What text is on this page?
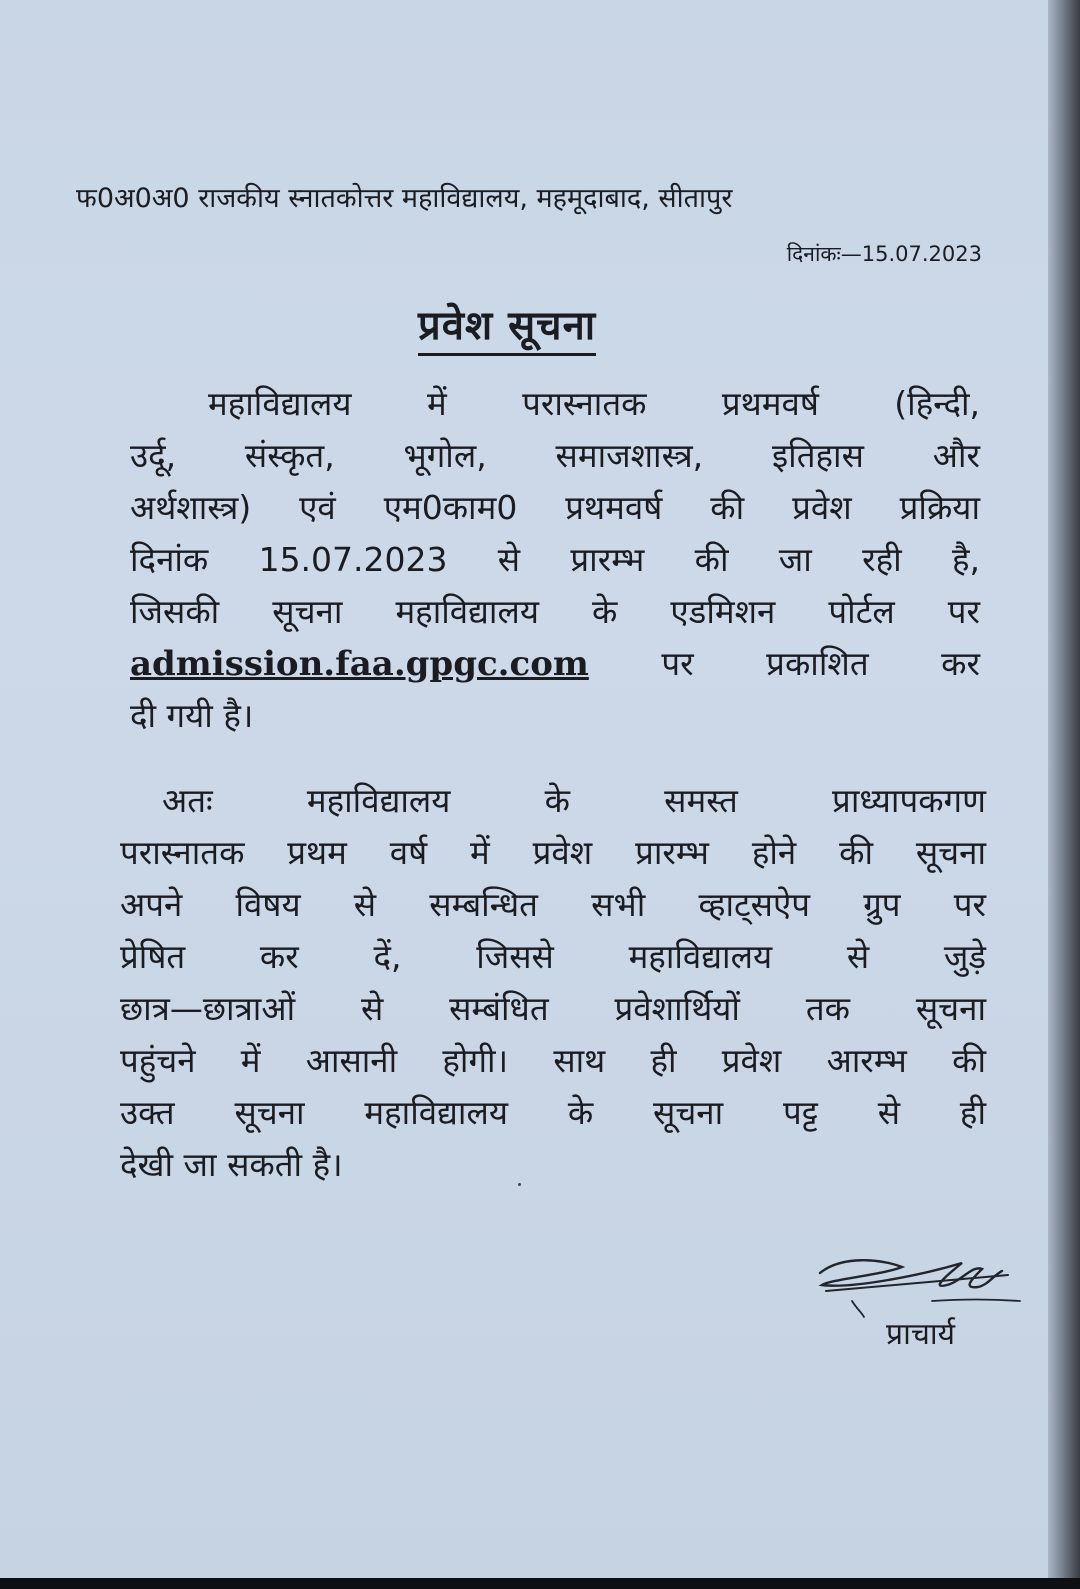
फ0अ0अ0 राजकीय स्नातकोत्तर महाविद्यालय, महमूदाबाद, सीतापुर
दिनांकः—15.07.2023
प्रवेश सूचना
महाविद्यालय में परास्नातक प्रथमवर्ष (हिन्दी,
उर्दू, संस्कृत, भूगोल, समाजशास्त्र, इतिहास और
अर्थशास्त्र) एवं एम0काम0 प्रथमवर्ष की प्रवेश प्रक्रिया
दिनांक 15.07.2023 से प्रारम्भ की जा रही है,
जिसकी सूचना महाविद्यालय के एडमिशन पोर्टल पर
admission.faa.gpgc.com पर प्रकाशित कर
दी गयी है।
अतः महाविद्यालय के समस्त प्राध्यापकगण
परास्नातक प्रथम वर्ष में प्रवेश प्रारम्भ होने की सूचना
अपने विषय से सम्बन्धित सभी व्हाट्सऐप ग्रुप पर
प्रेषित कर दें, जिससे महाविद्यालय से जुड़े
छात्र—छात्राओं से सम्बंधित प्रवेशार्थियों तक सूचना
पहुंचने में आसानी होगी। साथ ही प्रवेश आरम्भ की
उक्त सूचना महाविद्यालय के सूचना पट्ट से ही
देखी जा सकती है।
प्राचार्य
